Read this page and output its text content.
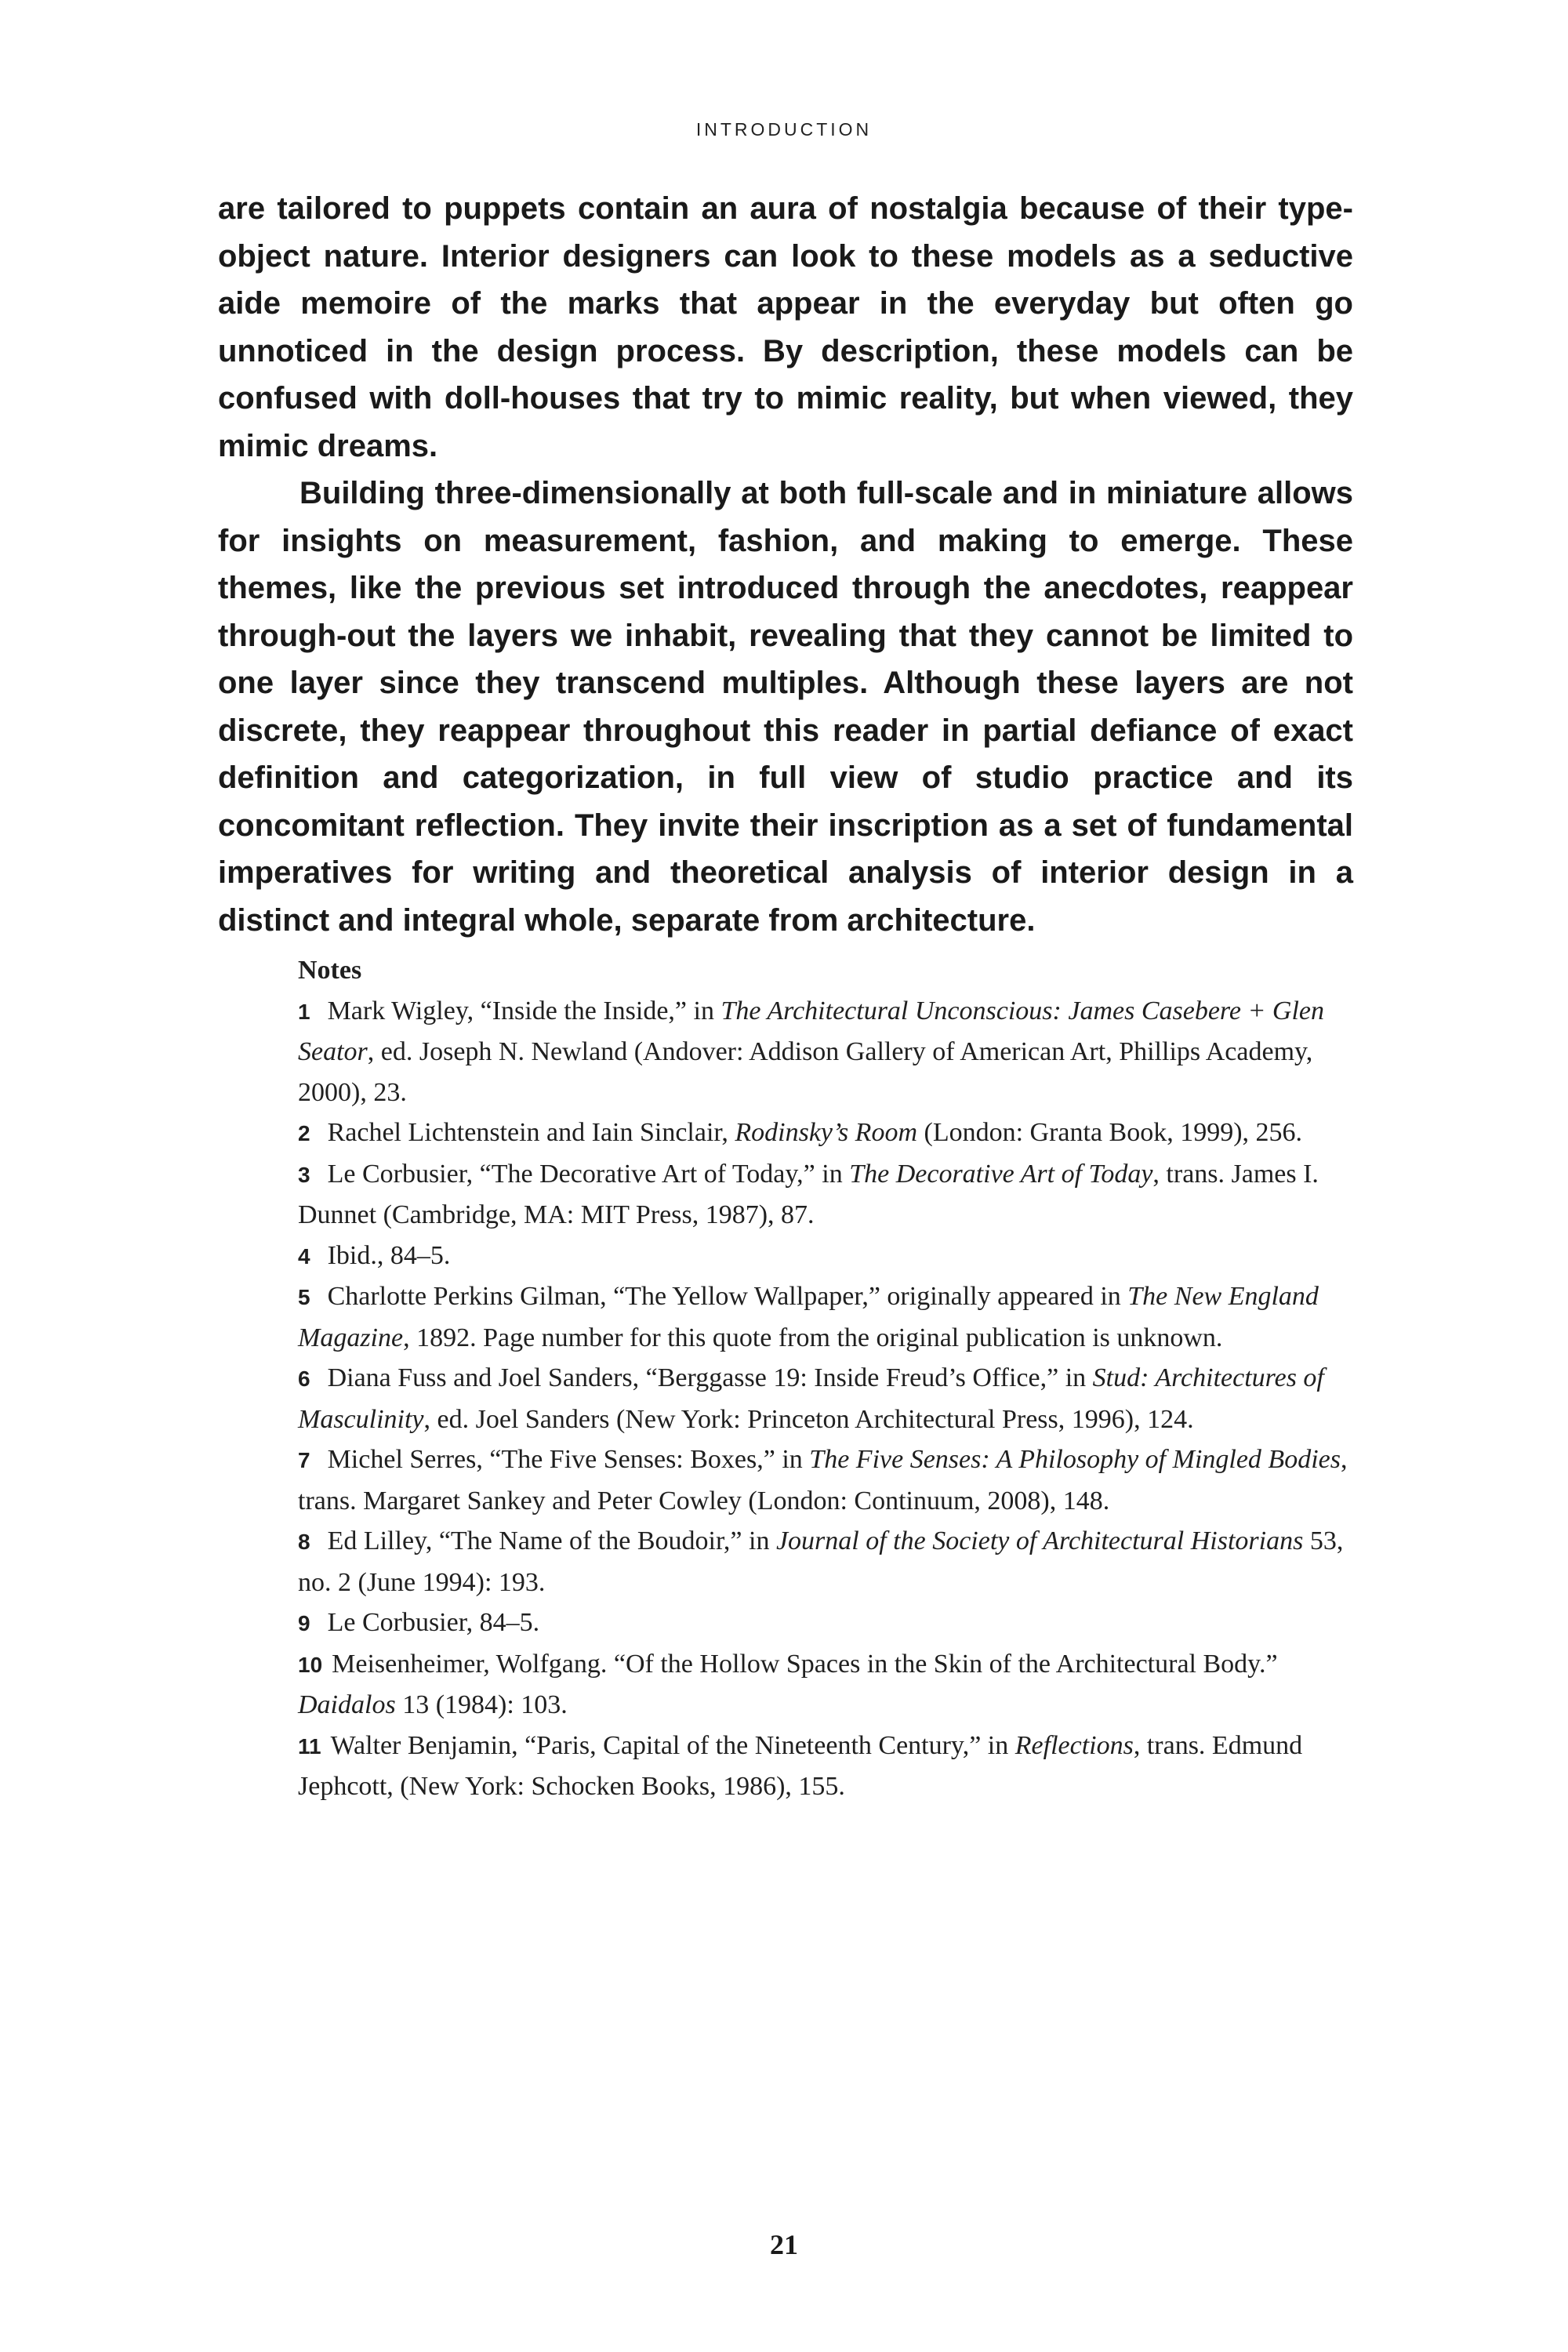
INTRODUCTION

are tailored to puppets contain an aura of nostalgia because of their type-object nature. Interior designers can look to these models as a seductive aide memoire of the marks that appear in the everyday but often go unnoticed in the design process. By description, these models can be confused with doll-houses that try to mimic reality, but when viewed, they mimic dreams.

Building three-dimensionally at both full-scale and in miniature allows for insights on measurement, fashion, and making to emerge. These themes, like the previous set introduced through the anecdotes, reappear through-out the layers we inhabit, revealing that they cannot be limited to one layer since they transcend multiples. Although these layers are not discrete, they reappear throughout this reader in partial defiance of exact definition and categorization, in full view of studio practice and its concomitant reflection. They invite their inscription as a set of fundamental imperatives for writing and theoretical analysis of interior design in a distinct and integral whole, separate from architecture.

Notes
1 Mark Wigley, “Inside the Inside,” in The Architectural Unconscious: James Casebere + Glen Seator, ed. Joseph N. Newland (Andover: Addison Gallery of American Art, Phillips Academy, 2000), 23.
2 Rachel Lichtenstein and Iain Sinclair, Rodinsky’s Room (London: Granta Book, 1999), 256.
3 Le Corbusier, “The Decorative Art of Today,” in The Decorative Art of Today, trans. James I. Dunnet (Cambridge, MA: MIT Press, 1987), 87.
4 Ibid., 84–5.
5 Charlotte Perkins Gilman, “The Yellow Wallpaper,” originally appeared in The New England Magazine, 1892. Page number for this quote from the original publication is unknown.
6 Diana Fuss and Joel Sanders, “Berggasse 19: Inside Freud’s Office,” in Stud: Architectures of Masculinity, ed. Joel Sanders (New York: Princeton Architectural Press, 1996), 124.
7 Michel Serres, “The Five Senses: Boxes,” in The Five Senses: A Philosophy of Mingled Bodies, trans. Margaret Sankey and Peter Cowley (London: Continuum, 2008), 148.
8 Ed Lilley, “The Name of the Boudoir,” in Journal of the Society of Architectural Historians 53, no. 2 (June 1994): 193.
9 Le Corbusier, 84–5.
10 Meisenheimer, Wolfgang. “Of the Hollow Spaces in the Skin of the Architectural Body.” Daidalos 13 (1984): 103.
11 Walter Benjamin, “Paris, Capital of the Nineteenth Century,” in Reflections, trans. Edmund Jephcott, (New York: Schocken Books, 1986), 155.
21
